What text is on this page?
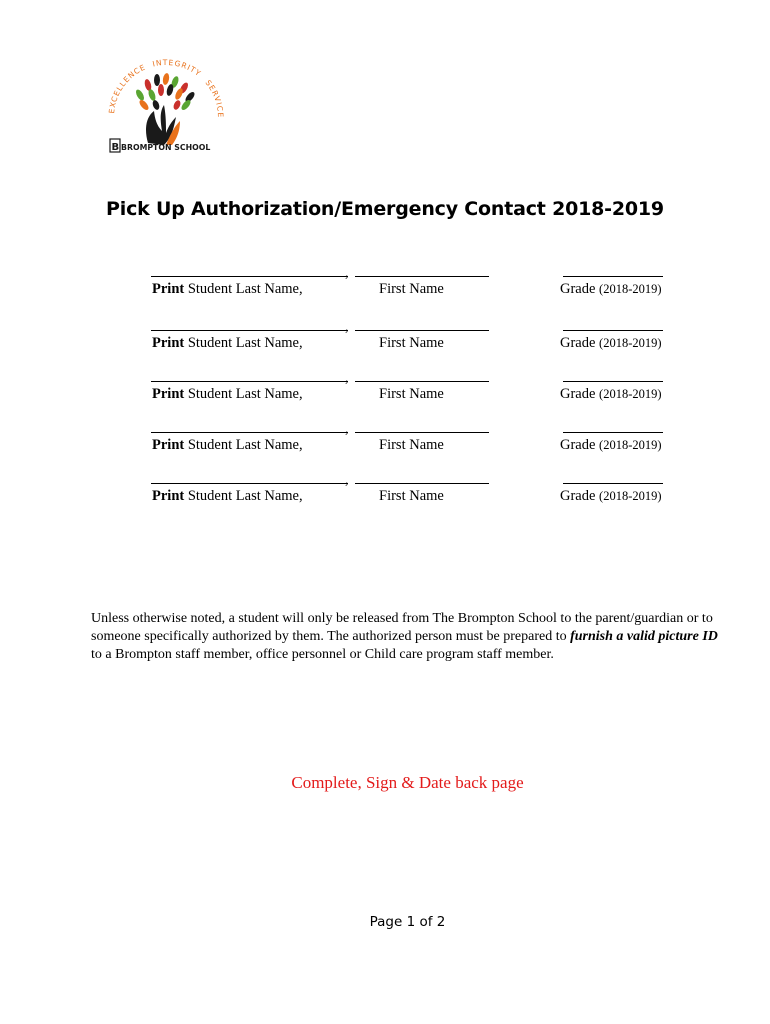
EXCELLENCE INTEGRITY
SERVICE
B BROMPTON SCHOOL
Pick Up Authorization/Emergency Contact 2018-2019
,
Print Student Last Name,	First Name	Grade (2018-2019)
,
Print Student Last Name,	First Name	Grade (2018-2019)
,
Print Student Last Name,	First Name	Grade (2018-2019)
,
Print Student Last Name,	First Name	Grade (2018-2019)
,
Print Student Last Name,	First Name	Grade (2018-2019)
Unless otherwise noted, a student will only be released from The Brompton School to the parent/guardian or to someone specifically authorized by them. The authorized person must be prepared to furnish a valid picture ID to a Brompton staff member, office personnel or Child care program staff member.
Complete, Sign & Date back page
Page 1 of 2
